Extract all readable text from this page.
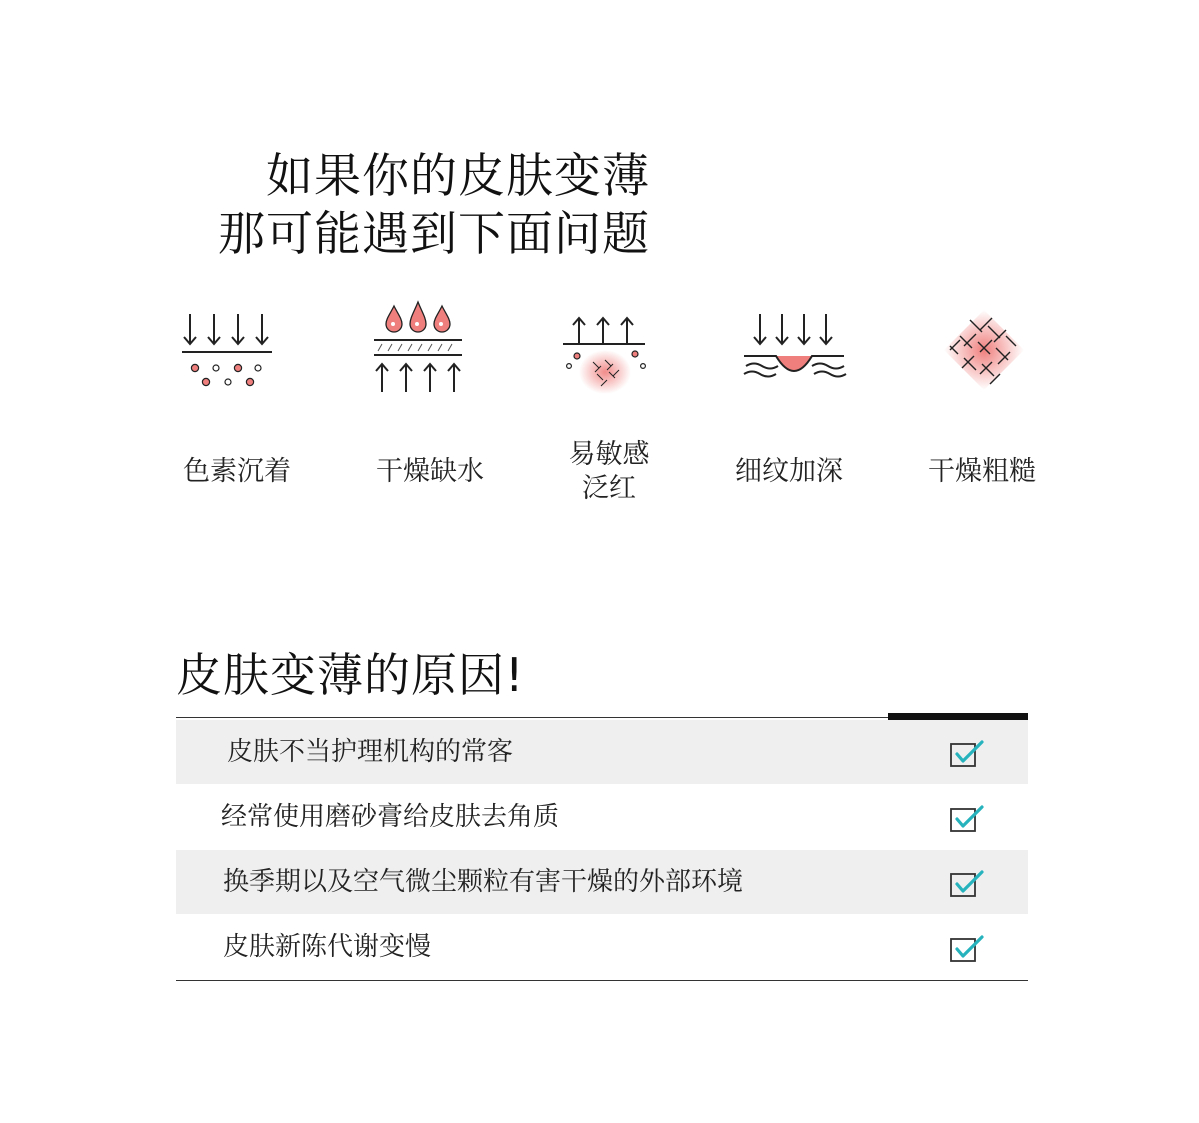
如果你的皮肤变薄
那可能遇到下面问题
色素沉着	干燥缺水
易敏感
泛红
细纹加深	干燥粗糙
皮肤变薄的原因!
皮肤不当护理机构的常客
经常使用磨砂膏给皮肤去角质
换季期以及空气微尘颗粒有害干燥的外部环境
皮肤新陈代谢变慢
